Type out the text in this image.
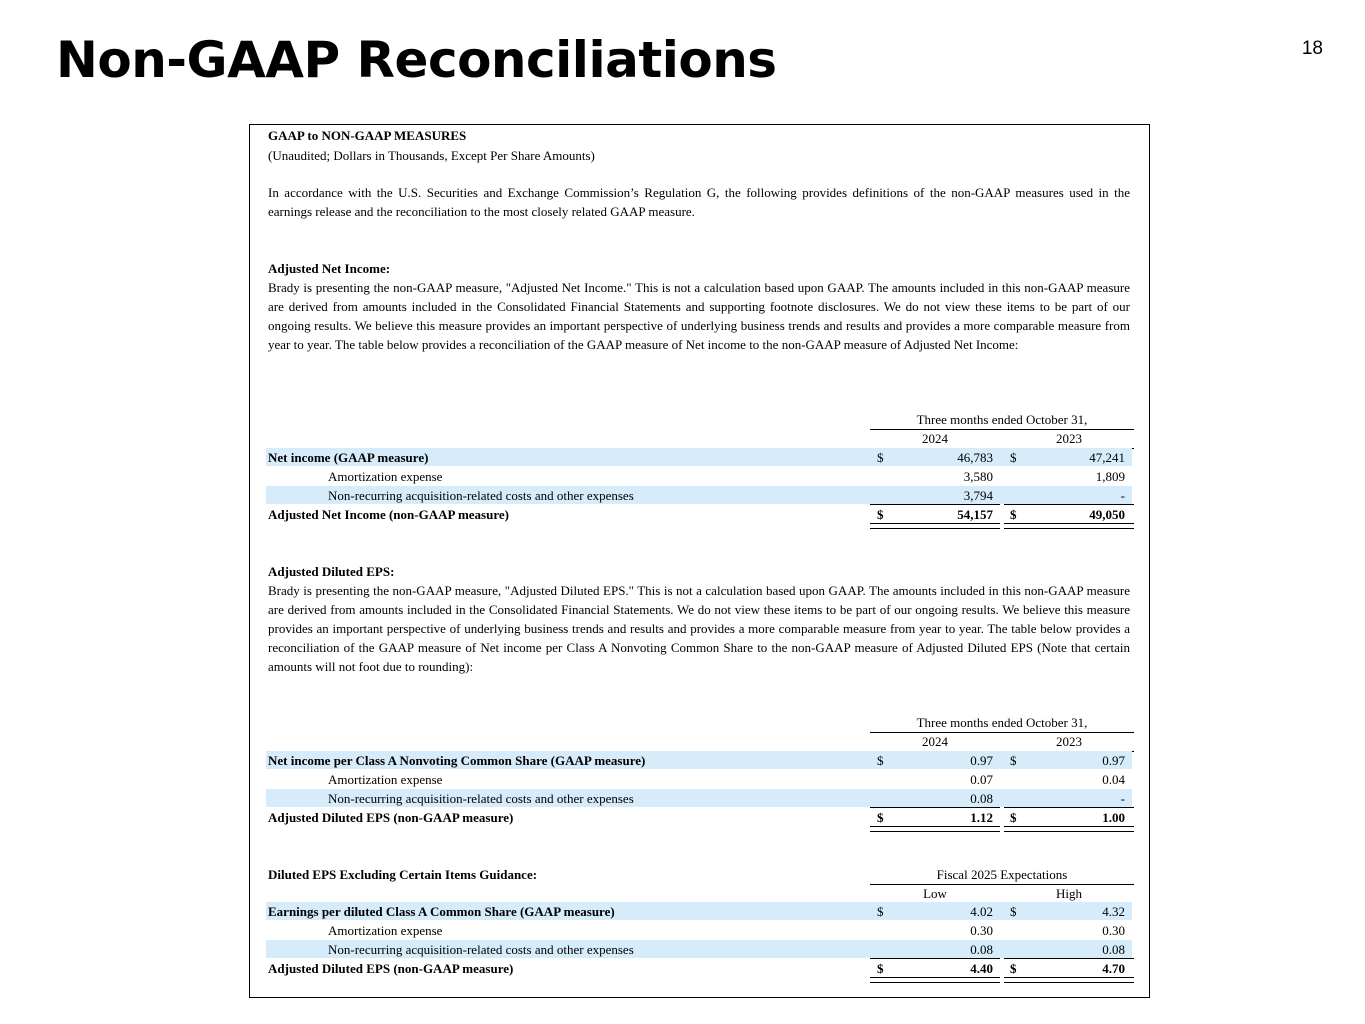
Non-GAAP Reconciliations	18
GAAP to NON-GAAP MEASURES
(Unaudited; Dollars in Thousands, Except Per Share Amounts)

In accordance with the U.S. Securities and Exchange Commission’s Regulation G, the following provides definitions of the non-GAAP measures used in the earnings release and the reconciliation to the most closely related GAAP measure.

Adjusted Net Income:

Brady is presenting the non-GAAP measure, "Adjusted Net Income." This is not a calculation based upon GAAP. The amounts included in this non-GAAP measure are derived from amounts included in the Consolidated Financial Statements and supporting footnote disclosures. We do not view these items to be part of our ongoing results. We believe this measure provides an important perspective of underlying business trends and results and provides a more comparable measure from year to year. The table below provides a reconciliation of the GAAP measure of Net income to the non-GAAP measure of Adjusted Net Income:

Three months ended October 31,
2024	2023
Net income (GAAP measure)	$	46,783 $	47,241
Amortization expense	3,580	1,809
Non-recurring acquisition-related costs and other expenses	3,794	-
Adjusted Net Income (non-GAAP measure)	$	54,157 $	49,050
Adjusted Diluted EPS:

Brady is presenting the non-GAAP measure, "Adjusted Diluted EPS." This is not a calculation based upon GAAP. The amounts included in this non-GAAP measure are derived from amounts included in the Consolidated Financial Statements. We do not view these items to be part of our ongoing results. We believe this measure provides an important perspective of underlying business trends and results and provides a more comparable measure from year to year. The table below provides a reconciliation of the GAAP measure of Net income per Class A Nonvoting Common Share to the non-GAAP measure of Adjusted Diluted EPS (Note that certain amounts will not foot due to rounding):

Three months ended October 31,
2024	2023
Net income per Class A Nonvoting Common Share (GAAP measure)	$	0.97 $	0.97
Amortization expense	0.07	0.04
Non-recurring acquisition-related costs and other expenses	0.08	-
Adjusted Diluted EPS (non-GAAP measure)	$	1.12 $	1.00
Diluted EPS Excluding Certain Items Guidance:	Fiscal 2025 Expectations
Low	High
Earnings per diluted Class A Common Share (GAAP measure)	$	4.02 $	4.32
Amortization expense	0.30	0.30
Non-recurring acquisition-related costs and other expenses	0.08	0.08
Adjusted Diluted EPS (non-GAAP measure)	$	4.40 $	4.70
